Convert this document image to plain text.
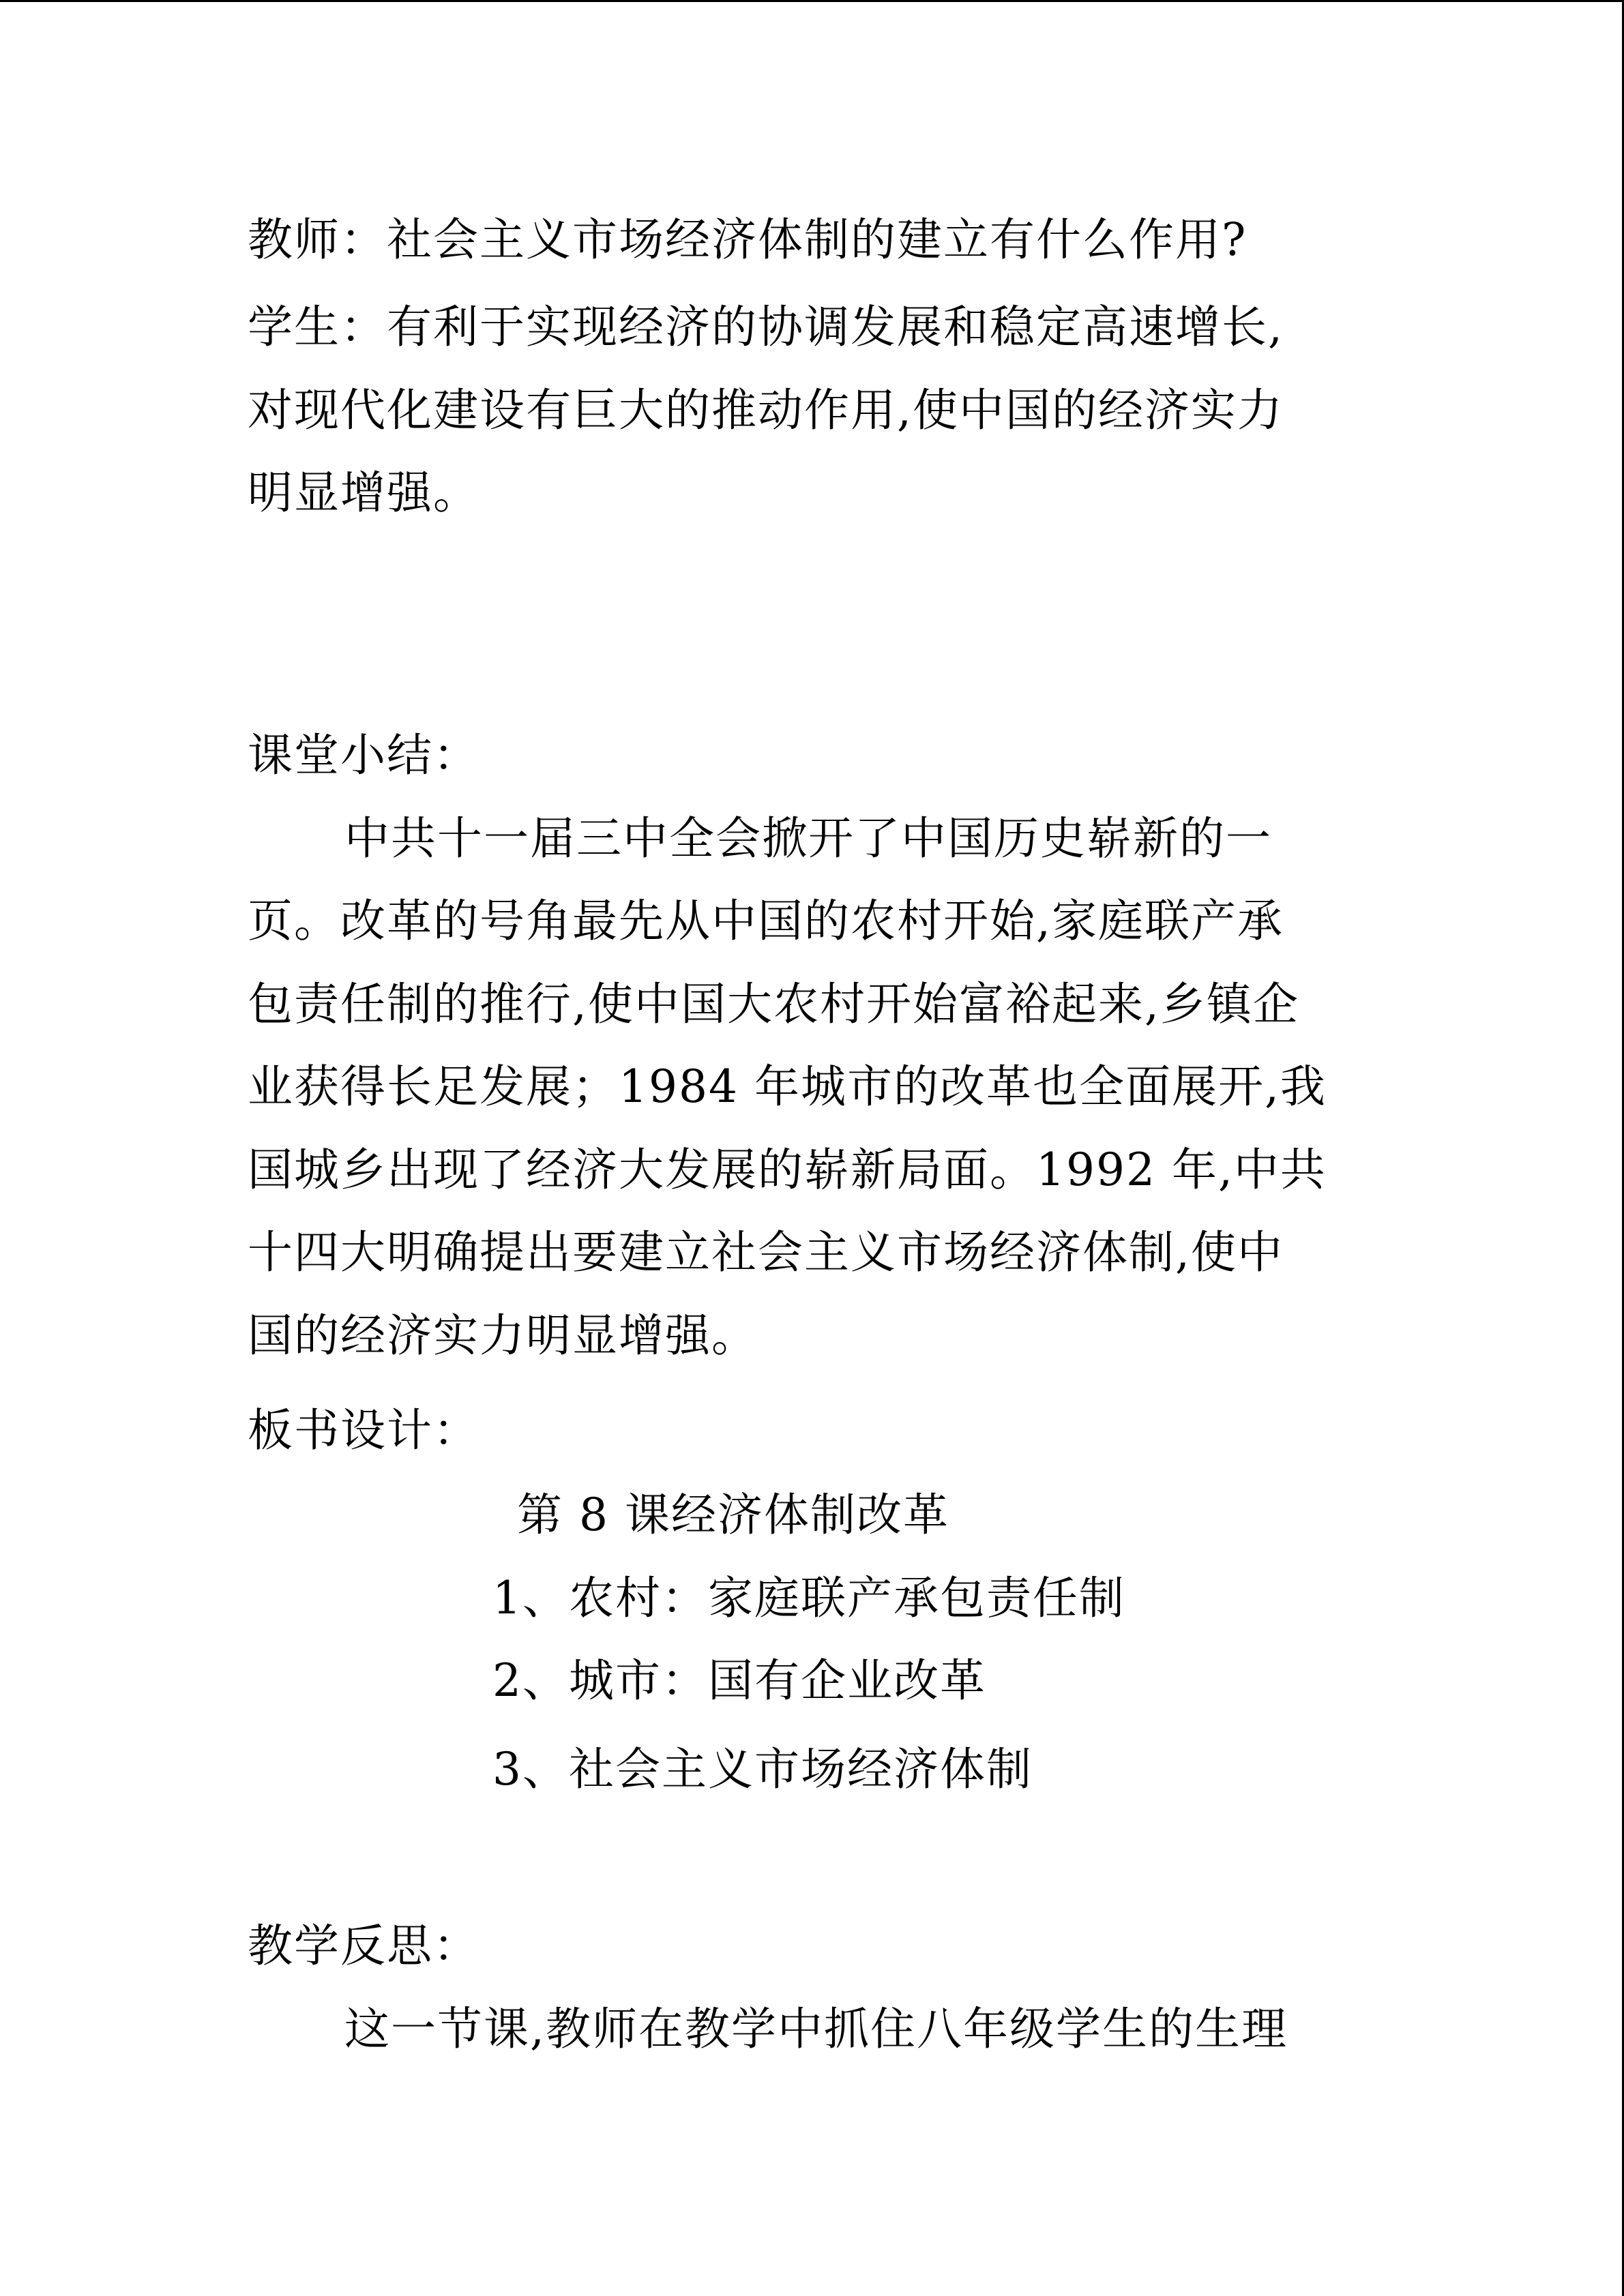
教师：社会主义市场经济体制的建立有什么作用?
学生：有利于实现经济的协调发展和稳定高速增长,
对现代化建设有巨大的推动作用,使中国的经济实力
明显增强。
课堂小结：
中共十一届三中全会掀开了中国历史崭新的一
页。改革的号角最先从中国的农村开始,家庭联产承
包责任制的推行,使中国大农村开始富裕起来,乡镇企
业获得长足发展；1984 年城市的改革也全面展开,我
国城乡出现了经济大发展的崭新局面。1992 年,中共
十四大明确提出要建立社会主义市场经济体制,使中
国的经济实力明显增强。
板书设计：
第 8 课经济体制改革
1、农村：家庭联产承包责任制
2、城市：国有企业改革
3、社会主义市场经济体制
教学反思：
这一节课,教师在教学中抓住八年级学生的生理
